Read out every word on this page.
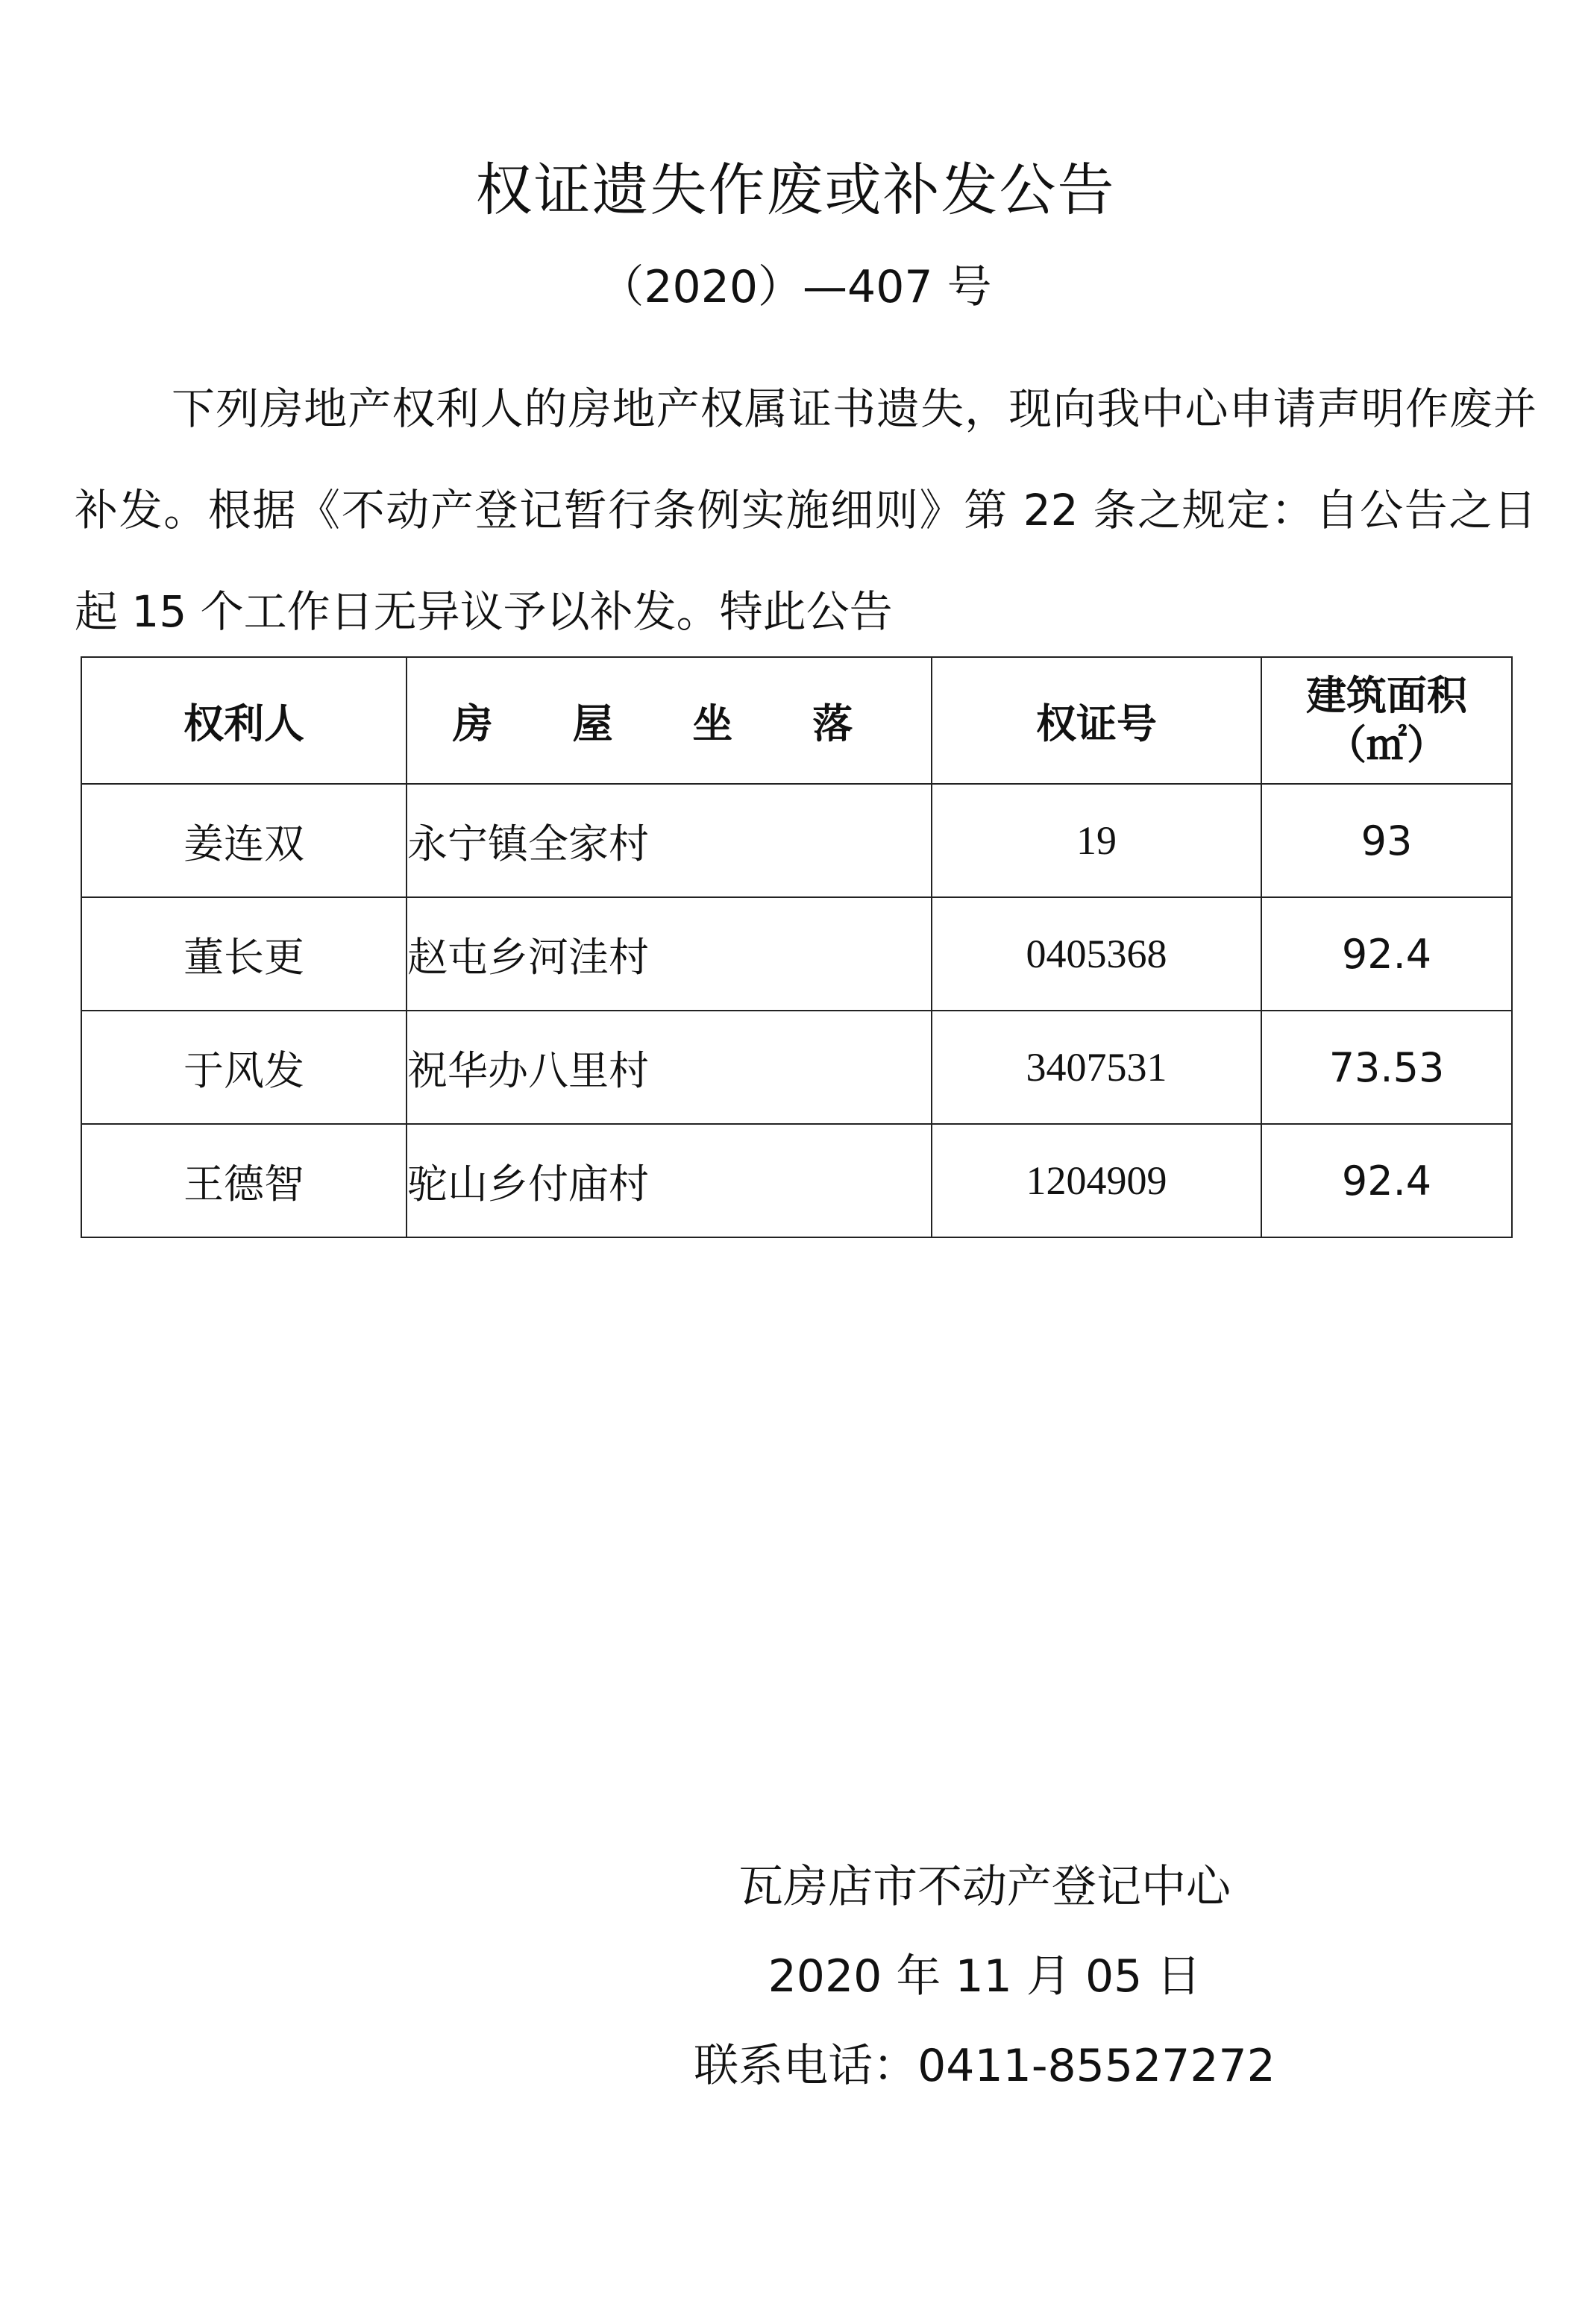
权证遗失作废或补发公告
（2020）—407 号

下列房地产权利人的房地产权属证书遗失，现向我中心申请声明作废并补发。根据《不动产登记暂行条例实施细则》第 22 条之规定：自公告之日起 15 个工作日无异议予以补发。特此公告

权利人	房 屋 坐 落	权证号	建筑面积
（㎡）

姜连双	永宁镇全家村	19	93
董长更	赵屯乡河洼村	0405368	92.4
于风发	祝华办八里村	3407531	73.53
王德智	驼山乡付庙村	1204909	92.4
瓦房店市不动产登记中心
2020 年 11 月 05 日
联系电话：0411-85527272
